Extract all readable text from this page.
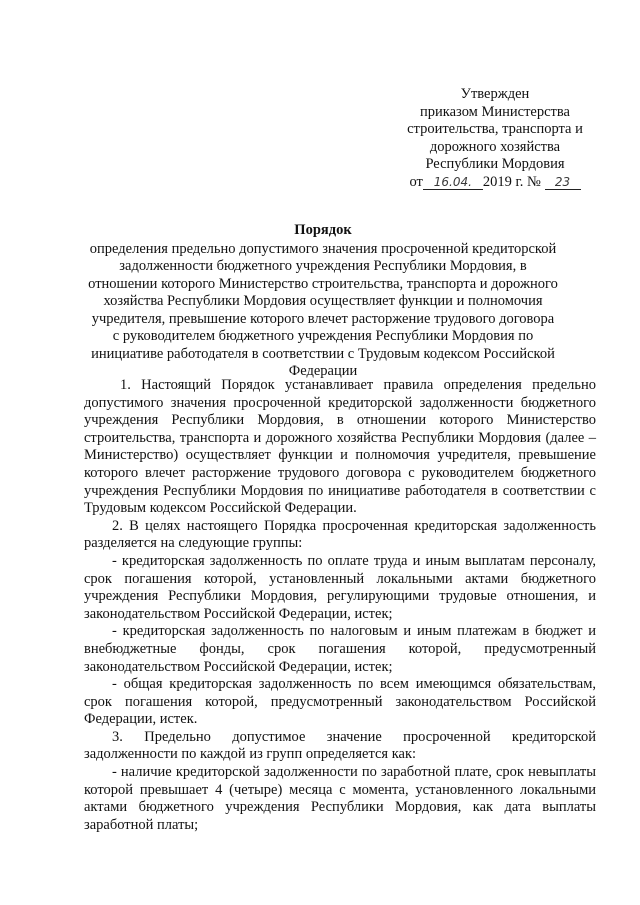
Утвержден
приказом Министерства
строительства, транспорта и
дорожного хозяйства
Республики Мордовия
от 16.04. 2019 г. № 23
Порядок
определения предельно допустимого значения просроченной кредиторской задолженности бюджетного учреждения Республики Мордовия, в отношении которого Министерство строительства, транспорта и дорожного хозяйства Республики Мордовия осуществляет функции и полномочия учредителя, превышение которого влечет расторжение трудового договора с руководителем бюджетного учреждения Республики Мордовия по инициативе работодателя в соответствии с Трудовым кодексом Российской Федерации

1. Настоящий Порядок устанавливает правила определения предельно допустимого значения просроченной кредиторской задолженности бюджетного учреждения Республики Мордовия, в отношении которого Министерство строительства, транспорта и дорожного хозяйства Республики Мордовия (далее – Министерство) осуществляет функции и полномочия учредителя, превышение которого влечет расторжение трудового договора с руководителем бюджетного учреждения Республики Мордовия по инициативе работодателя в соответствии с Трудовым кодексом Российской Федерации.

2. В целях настоящего Порядка просроченная кредиторская задолженность разделяется на следующие группы:

- кредиторская задолженность по оплате труда и иным выплатам персоналу, срок погашения которой, установленный локальными актами бюджетного учреждения Республики Мордовия, регулирующими трудовые отношения, и законодательством Российской Федерации, истек;

- кредиторская задолженность по налоговым и иным платежам в бюджет и внебюджетные фонды, срок погашения которой, предусмотренный законодательством Российской Федерации, истек;

- общая кредиторская задолженность по всем имеющимся обязательствам, срок погашения которой, предусмотренный законодательством Российской Федерации, истек.

3. Предельно допустимое значение просроченной кредиторской задолженности по каждой из групп определяется как:

- наличие кредиторской задолженности по заработной плате, срок невыплаты которой превышает 4 (четыре) месяца с момента, установленного локальными актами бюджетного учреждения Республики Мордовия, как дата выплаты заработной платы;
